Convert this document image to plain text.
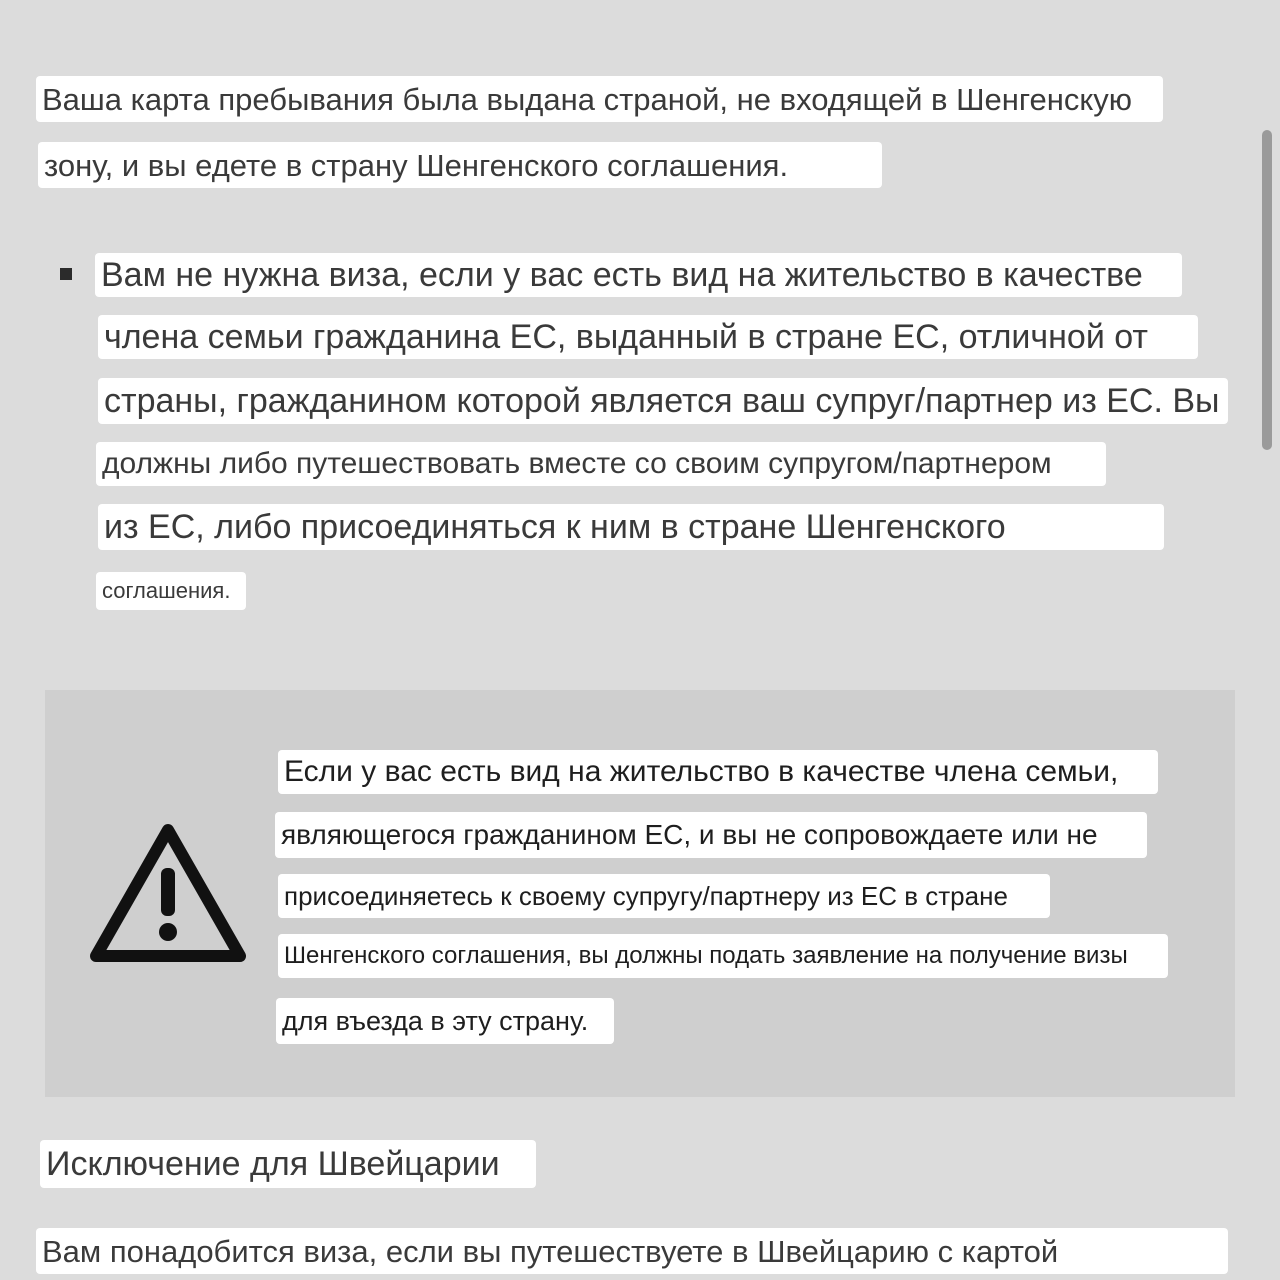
Ваша карта пребывания была выдана страной, не входящей в Шенгенскую
зону, и вы едете в страну Шенгенского соглашения.
Вам не нужна виза, если у вас есть вид на жительство в качестве
члена семьи гражданина ЕС, выданный в стране ЕС, отличной от
страны, гражданином которой является ваш супруг/партнер из ЕС. Вы
должны либо путешествовать вместе со своим супругом/партнером
из ЕС, либо присоединяться к ним в стране Шенгенского
соглашения.
Если у вас есть вид на жительство в качестве члена семьи,
являющегося гражданином ЕС, и вы не сопровождаете или не
присоединяетесь к своему супругу/партнеру из ЕС в стране
Шенгенского соглашения, вы должны подать заявление на получение визы
для въезда в эту страну.
Исключение для Швейцарии
Вам понадобится виза, если вы путешествуете в Швейцарию с картой
